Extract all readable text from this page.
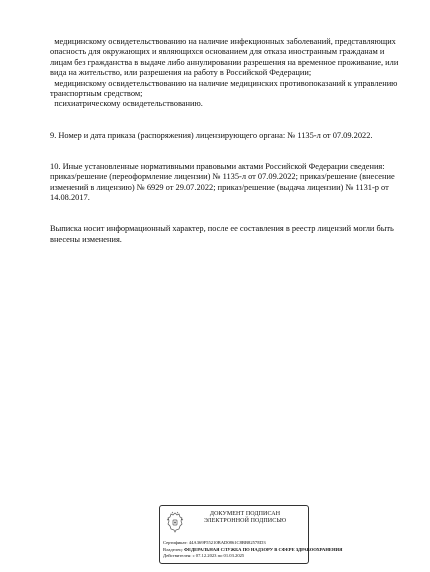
медицинскому освидетельствованию на наличие инфекционных заболеваний, представляющих

опасность для окружающих и являющихся основанием для отказа иностранным гражданам и

лицам без гражданства в выдаче либо аннулировании разрешения на временное проживание, или

вида на жительство, или разрешения на работу в Российской Федерации;

медицинскому освидетельствованию на наличие медицинских противопоказаний к управлению

транспортным средством;

психиатрическому освидетельствованию.

9. Номер и дата приказа (распоряжения) лицензирующего органа: № 1135-л от 07.09.2022.

10. Иные установленные нормативными правовыми актами Российской Федерации сведения:

приказ/решение (переоформление лицензии) № 1135-л от 07.09.2022; приказ/решение (внесение

изменений в лицензию) № 6929 от 29.07.2022; приказ/решение (выдача лицензии) № 1131-р от

14.08.2017.

Выписка носит информационный характер, после ее составления в реестр лицензий могли быть

внесены изменения.

ДОКУМЕНТ ПОДПИСАН
ЭЛЕКТРОННОЙ ПОДПИСЬЮ
Сертификат: 44A369F55210BAD0861C8BB8257ED3
Владелец: ФЕДЕРАЛЬНАЯ СЛУЖБА ПО НАДЗОРУ В СФЕРЕ ЗДРАВООХРАНЕНИЯ
Действителен: с 07.12.2023 по 01.03.2025
